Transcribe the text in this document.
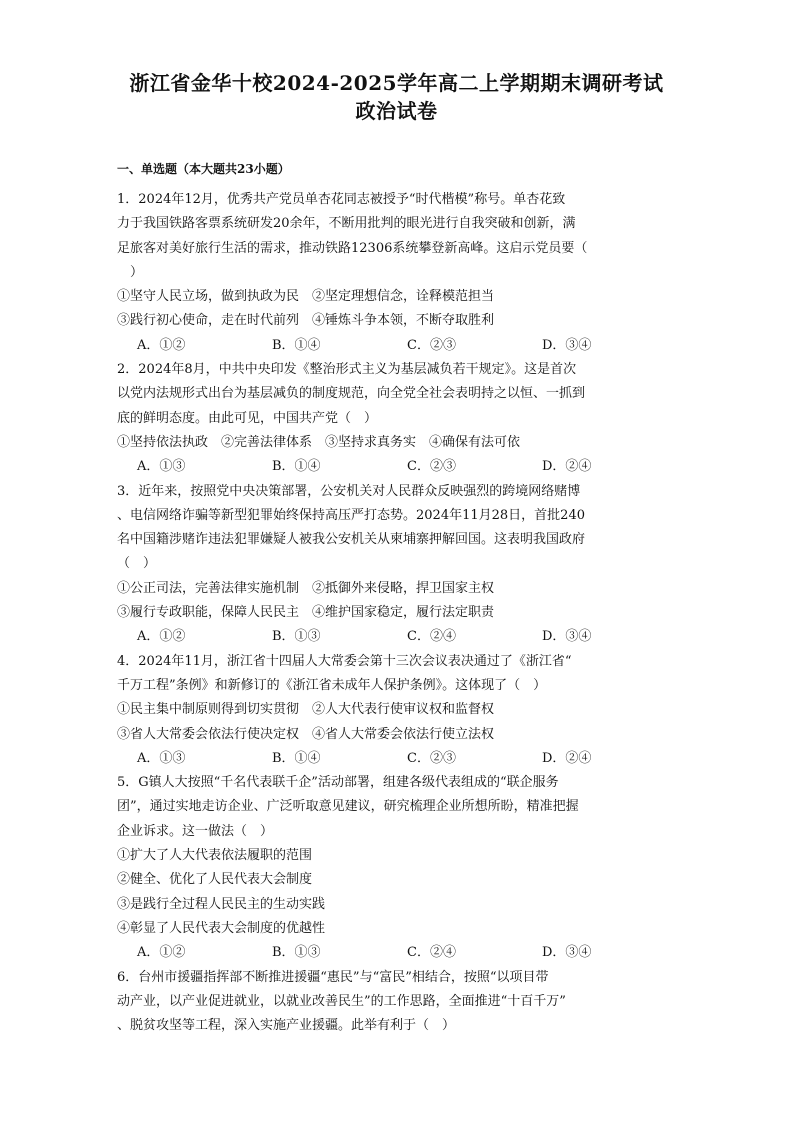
浙江省金华十校2024-2025学年高二上学期期末调研考试
政治试卷
一、单选题（本大题共23小题）
1．2024年12月，优秀共产党员单杏花同志被授予“时代楷模”称号。单杏花致
力于我国铁路客票系统研发20余年，不断用批判的眼光进行自我突破和创新，满
足旅客对美好旅行生活的需求，推动铁路12306系统攀登新高峰。这启示党员要（
　）
①坚守人民立场，做到执政为民　②坚定理想信念，诠释模范担当
③践行初心使命，走在时代前列　④锤炼斗争本领，不断夺取胜利
A．①②	B．①④	C．②③	D．③④
2．2024年8月，中共中央印发《整治形式主义为基层减负若干规定》。这是首次
以党内法规形式出台为基层减负的制度规范，向全党全社会表明持之以恒、一抓到
底的鲜明态度。由此可见，中国共产党（　）
①坚持依法执政　②完善法律体系　③坚持求真务实　④确保有法可依
A．①③	B．①④	C．②③	D．②④
3．近年来，按照党中央决策部署，公安机关对人民群众反映强烈的跨境网络赌博
、电信网络诈骗等新型犯罪始终保持高压严打态势。2024年11月28日，首批240
名中国籍涉赌诈违法犯罪嫌疑人被我公安机关从柬埔寨押解回国。这表明我国政府
（　）
①公正司法，完善法律实施机制　②抵御外来侵略，捍卫国家主权
③履行专政职能，保障人民民主　④维护国家稳定，履行法定职责
A．①②	B．①③	C．②④	D．③④
4．2024年11月，浙江省十四届人大常委会第十三次会议表决通过了《浙江省“
千万工程”条例》和新修订的《浙江省未成年人保护条例》。这体现了（　）
①民主集中制原则得到切实贯彻　②人大代表行使审议权和监督权
③省人大常委会依法行使决定权　④省人大常委会依法行使立法权
A．①③	B．①④	C．②③	D．②④
5．G镇人大按照“千名代表联千企”活动部署，组建各级代表组成的“联企服务
团”，通过实地走访企业、广泛听取意见建议，研究梳理企业所想所盼，精准把握
企业诉求。这一做法（　）
①扩大了人大代表依法履职的范围
②健全、优化了人民代表大会制度
③是践行全过程人民民主的生动实践
④彰显了人民代表大会制度的优越性
A．①②	B．①③	C．②④	D．③④
6．台州市援疆指挥部不断推进援疆“惠民”与“富民”相结合，按照“以项目带
动产业，以产业促进就业，以就业改善民生”的工作思路，全面推进“十百千万”
、脱贫攻坚等工程，深入实施产业援疆。此举有利于（　）
